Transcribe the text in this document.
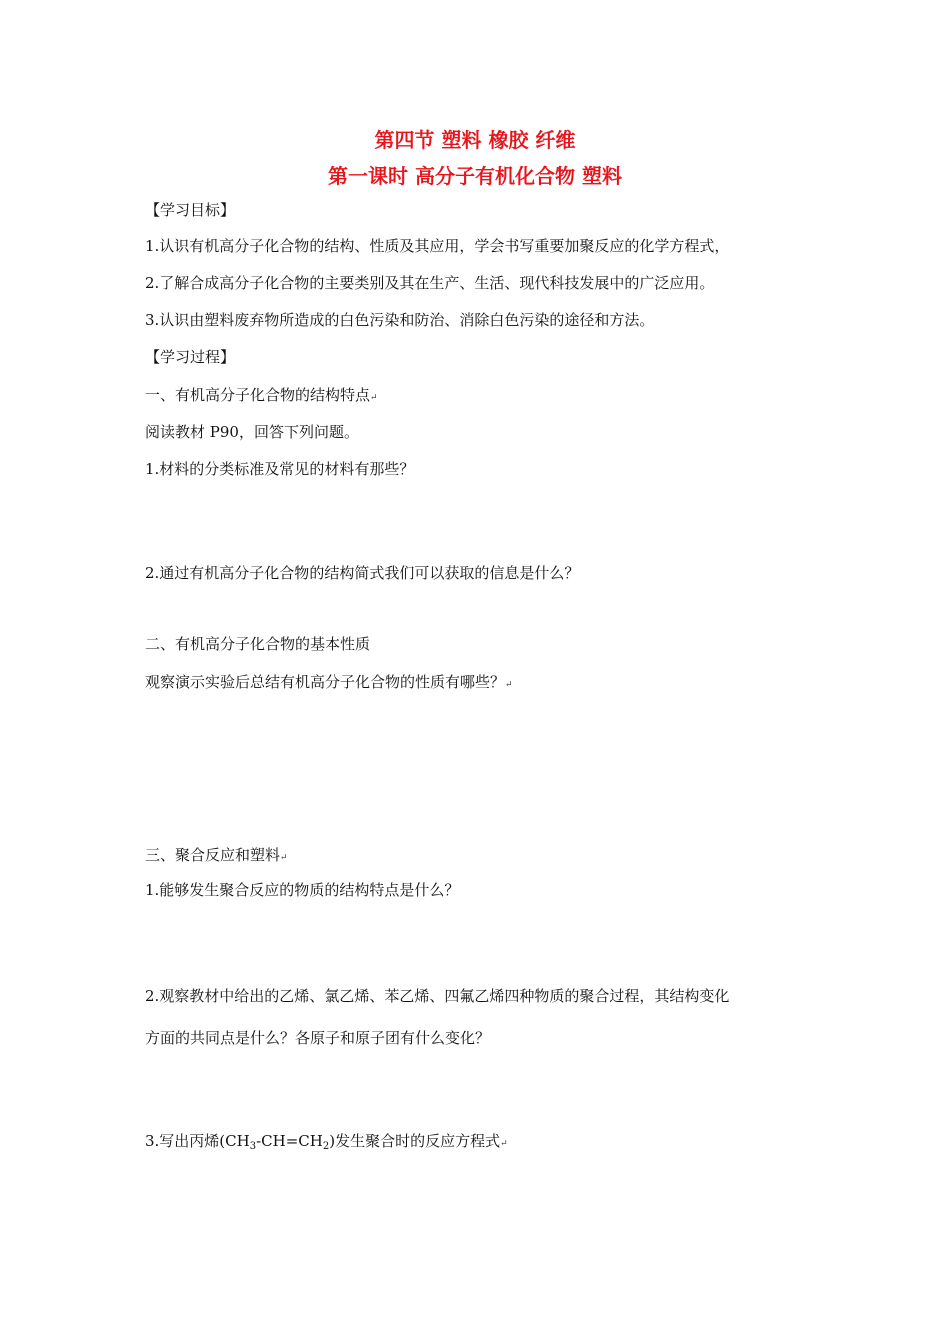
第四节 塑料 橡胶 纤维
第一课时 高分子有机化合物 塑料
【学习目标】
1.认识有机高分子化合物的结构、性质及其应用，学会书写重要加聚反应的化学方程式，
2.了解合成高分子化合物的主要类别及其在生产、生活、现代科技发展中的广泛应用。
3.认识由塑料废弃物所造成的白色污染和防治、消除白色污染的途径和方法。
【学习过程】
一、有机高分子化合物的结构特点↵
阅读教材 P90，回答下列问题。
1.材料的分类标准及常见的材料有那些？
2.通过有机高分子化合物的结构简式我们可以获取的信息是什么？
二、有机高分子化合物的基本性质
观察演示实验后总结有机高分子化合物的性质有哪些？↵
三、聚合反应和塑料↵
1.能够发生聚合反应的物质的结构特点是什么？
2.观察教材中给出的乙烯、氯乙烯、苯乙烯、四氟乙烯四种物质的聚合过程，其结构变化
方面的共同点是什么？各原子和原子团有什么变化？
3.写出丙烯$(CH_3-CH=CH_2)$发生聚合时的反应方程式↵
